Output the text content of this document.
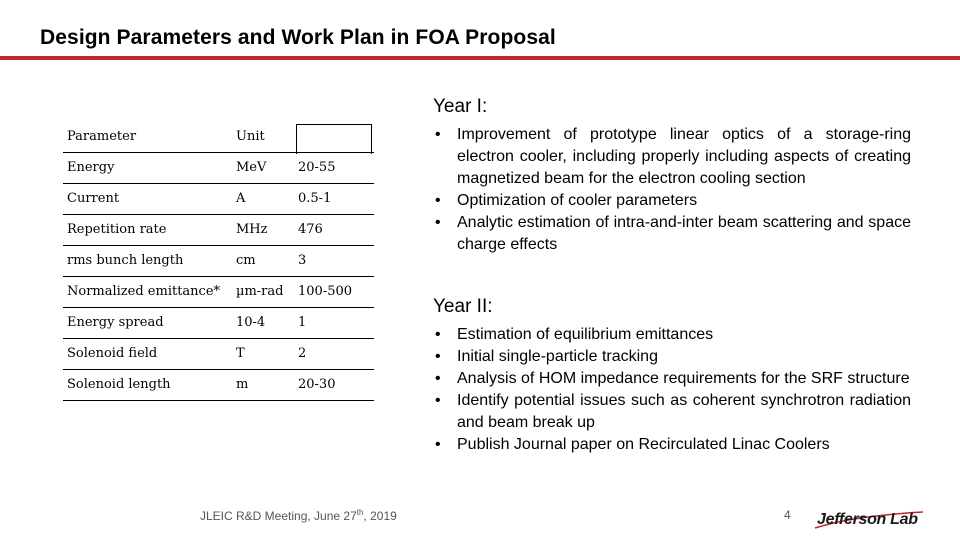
Design Parameters and Work Plan in FOA Proposal
Parameter	Unit	
Energy	MeV	20-55
Current	A	0.5-1
Repetition rate	MHz	476
rms bunch length	cm	3
Normalized emittance*	µm-rad	100-500
Energy spread	10-4	1
Solenoid field	T	2
Solenoid length	m	20-30
Year I:
• Improvement of prototype linear optics of a storage-ring electron cooler, including properly including aspects of creating magnetized beam for the electron cooling section
• Optimization of cooler parameters
• Analytic estimation of intra-and-inter beam scattering and space charge effects
Year II:
• Estimation of equilibrium emittances
• Initial single-particle tracking
• Analysis of HOM impedance requirements for the SRF structure
• Identify potential issues such as coherent synchrotron radiation and beam break up
• Publish Journal paper on Recirculated Linac Coolers
JLEIC R&D Meeting, June 27th, 2019	4 Jefferson Lab
